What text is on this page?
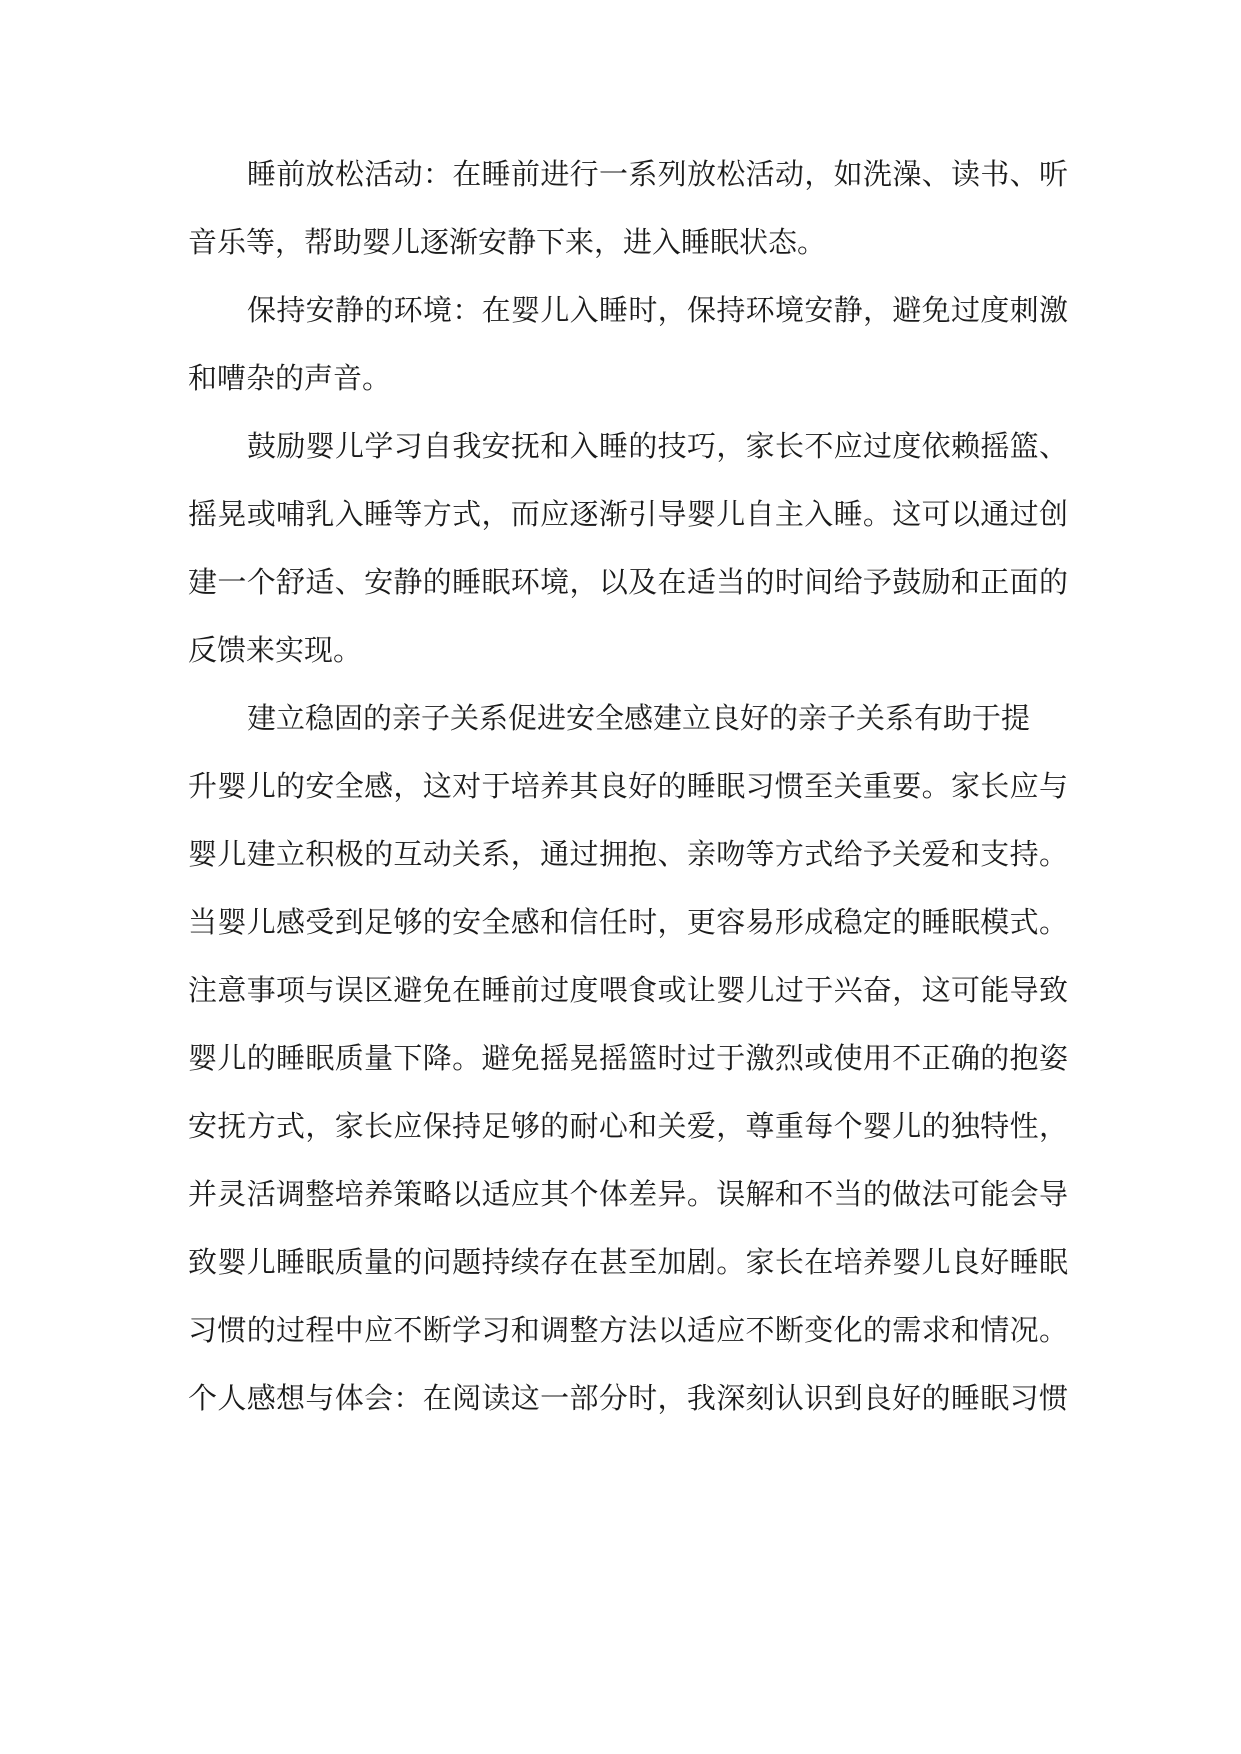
睡前放松活动：在睡前进行一系列放松活动，如洗澡、读书、听
音乐等，帮助婴儿逐渐安静下来，进入睡眠状态。
保持安静的环境：在婴儿入睡时，保持环境安静，避免过度刺激
和嘈杂的声音。
鼓励婴儿学习自我安抚和入睡的技巧，家长不应过度依赖摇篮、
摇晃或哺乳入睡等方式，而应逐渐引导婴儿自主入睡。这可以通过创
建一个舒适、安静的睡眠环境，以及在适当的时间给予鼓励和正面的
反馈来实现。
建立稳固的亲子关系促进安全感建立良好的亲子关系有助于提
升婴儿的安全感，这对于培养其良好的睡眠习惯至关重要。家长应与
婴儿建立积极的互动关系，通过拥抱、亲吻等方式给予关爱和支持。
当婴儿感受到足够的安全感和信任时，更容易形成稳定的睡眠模式。
注意事项与误区避免在睡前过度喂食或让婴儿过于兴奋，这可能导致
婴儿的睡眠质量下降。避免摇晃摇篮时过于激烈或使用不正确的抱姿
安抚方式，家长应保持足够的耐心和关爱，尊重每个婴儿的独特性，
并灵活调整培养策略以适应其个体差异。误解和不当的做法可能会导
致婴儿睡眠质量的问题持续存在甚至加剧。家长在培养婴儿良好睡眠
习惯的过程中应不断学习和调整方法以适应不断变化的需求和情况。
个人感想与体会：在阅读这一部分时，我深刻认识到良好的睡眠习惯
